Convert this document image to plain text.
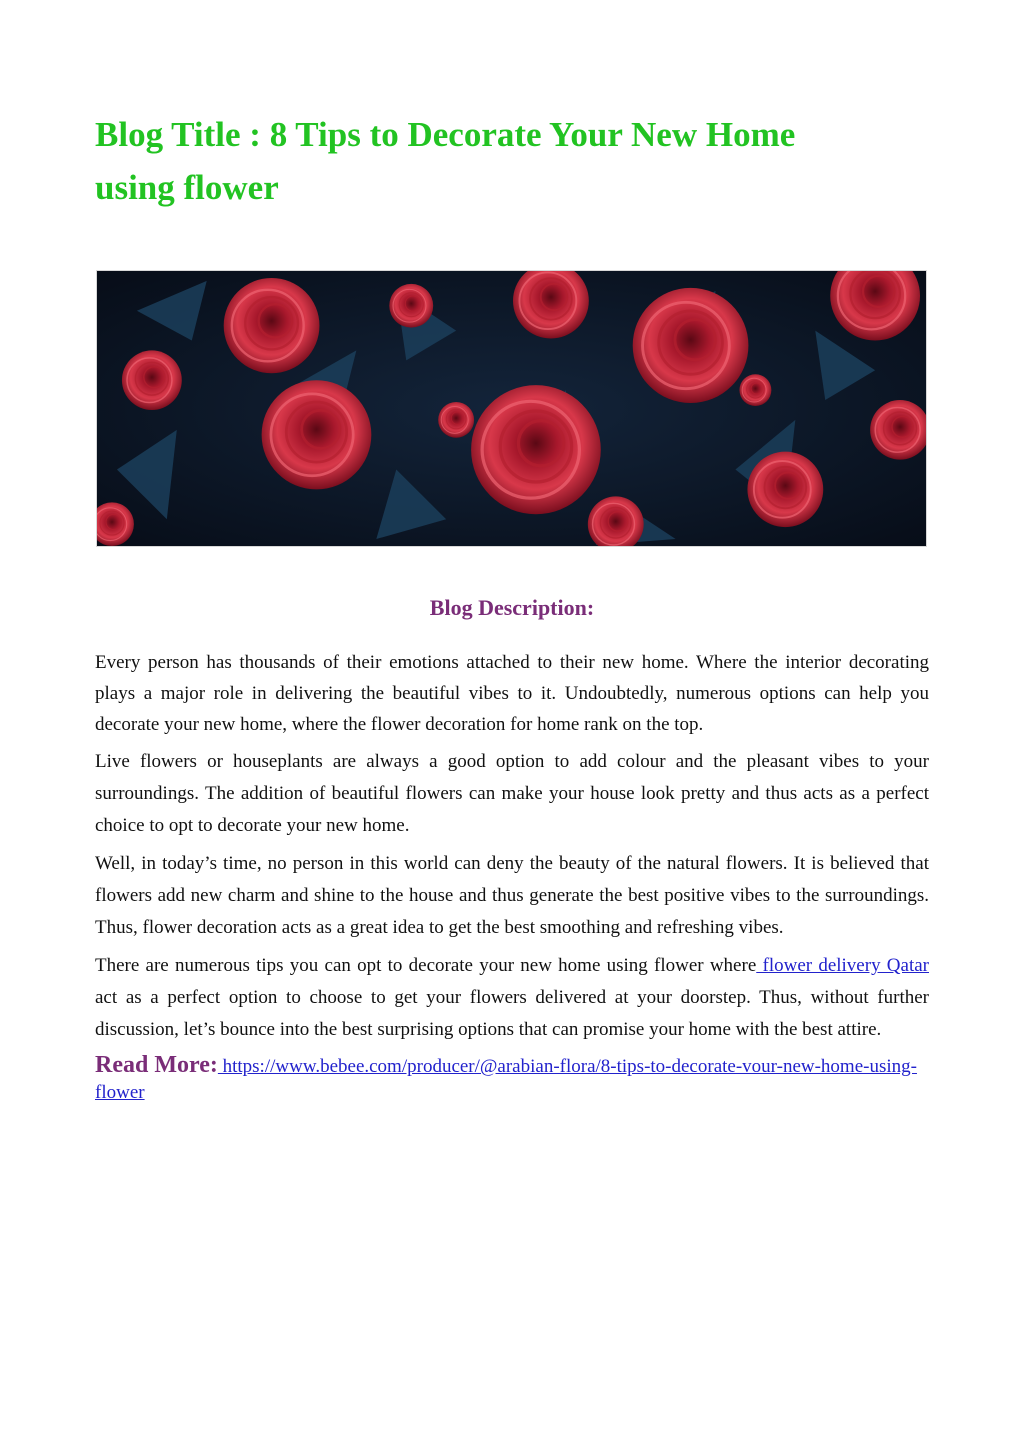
Blog Title : 8 Tips to Decorate Your New Home using flower
Blog Description:

Every person has thousands of their emotions attached to their new home. Where the interior decorating plays a major role in delivering the beautiful vibes to it. Undoubtedly, numerous options can help you decorate your new home, where the flower decoration for home rank on the top.

Live flowers or houseplants are always a good option to add colour and the pleasant vibes to your surroundings. The addition of beautiful flowers can make your house look pretty and thus acts as a perfect choice to opt to decorate your new home.

Well, in today’s time, no person in this world can deny the beauty of the natural flowers. It is believed that flowers add new charm and shine to the house and thus generate the best positive vibes to the surroundings. Thus, flower decoration acts as a great idea to get the best smoothing and refreshing vibes.

There are numerous tips you can opt to decorate your new home using flower where flower delivery Qatar act as a perfect option to choose to get your flowers delivered at your doorstep. Thus, without further discussion, let’s bounce into the best surprising options that can promise your home with the best attire.

Read More: https://www.bebee.com/producer/@arabian-flora/8-tips-to-decorate-vour-new-home-using-flower
